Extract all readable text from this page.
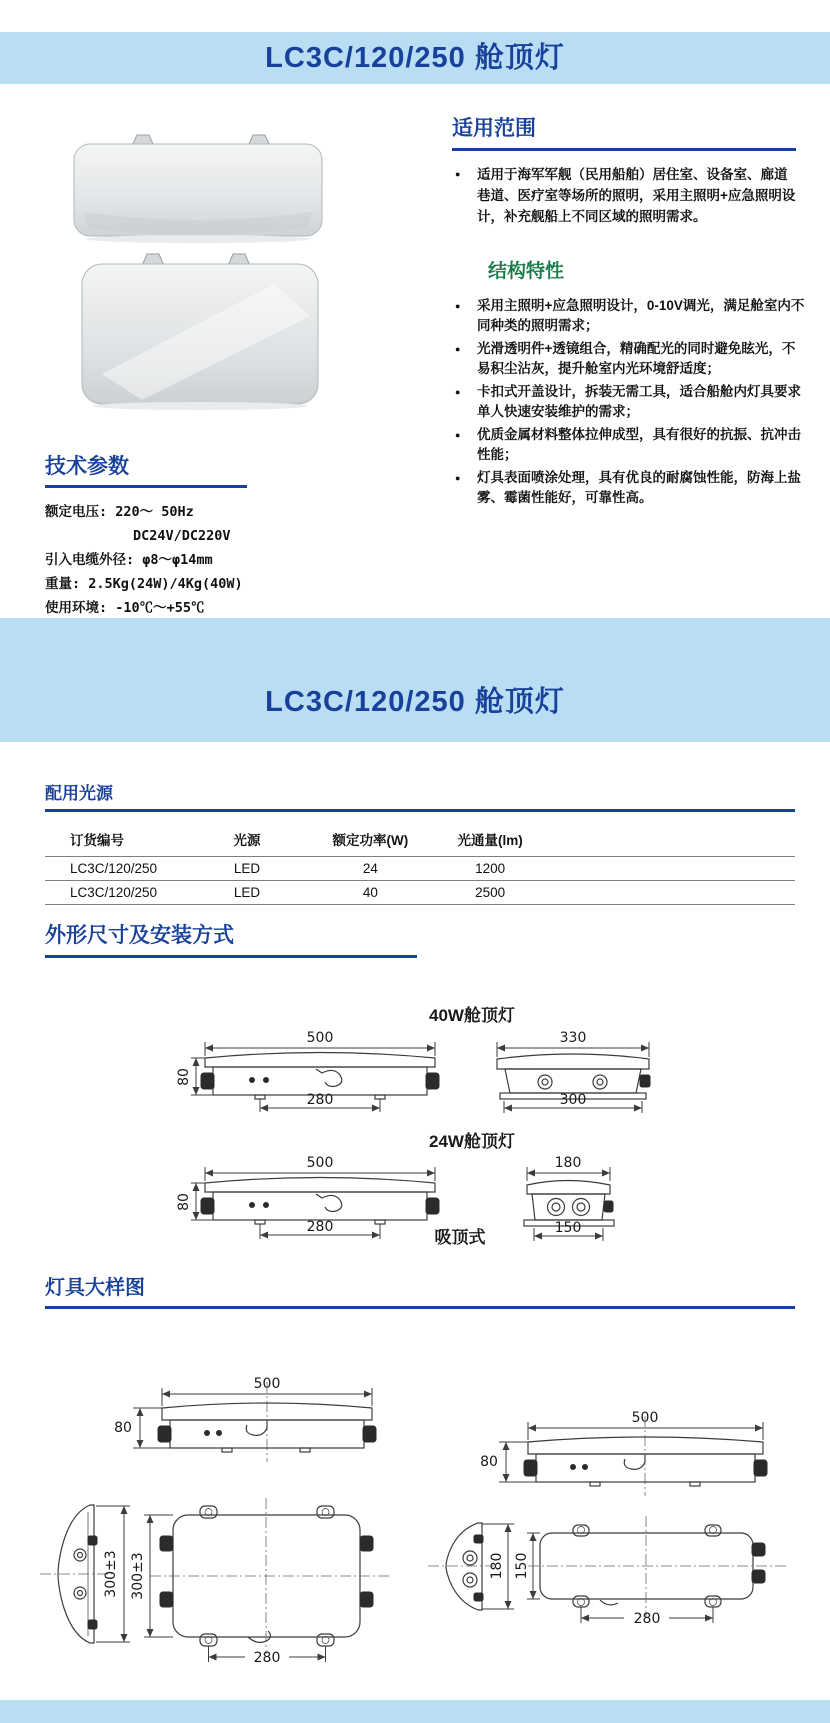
LC3C/120/250 舱顶灯
适用范围
● 适用于海军军舰（民用船舶）居住室、设备室、廊道巷道、医疗室等场所的照明，采用主照明+应急照明设计，补充舰船上不同区域的照明需求。
结构特性
● 采用主照明+应急照明设计，0-10V调光，满足舱室内不同种类的照明需求；
● 光滑透明件+透镜组合，精确配光的同时避免眩光，不易积尘沾灰，提升舱室内光环境舒适度；
● 卡扣式开盖设计，拆装无需工具，适合船舱内灯具要求单人快速安装维护的需求；
● 优质金属材料整体拉伸成型，具有很好的抗振、抗冲击性能；
● 灯具表面喷涂处理，具有优良的耐腐蚀性能，防海上盐雾、霉菌性能好，可靠性高。
技术参数
额定电压: 220～ 50Hz
DC24V/DC220V
引入电缆外径: φ8～φ14mm
重量: 2.5Kg(24W)/4Kg(40W)
使用环境: -10℃～+55℃
LC3C/120/250 舱顶灯
配用光源
订货编号	光源	额定功率(W)	光通量(lm)	
LC3C/120/250	LED	24	1200	
LC3C/120/250	LED	40	2500	
外形尺寸及安装方式
40W舱顶灯
500
280
80
330
300
24W舱顶灯
500
280
80
180
150
吸顶式
灯具大样图
500
80
500
80
300±3 300±3
280
180 150
280
